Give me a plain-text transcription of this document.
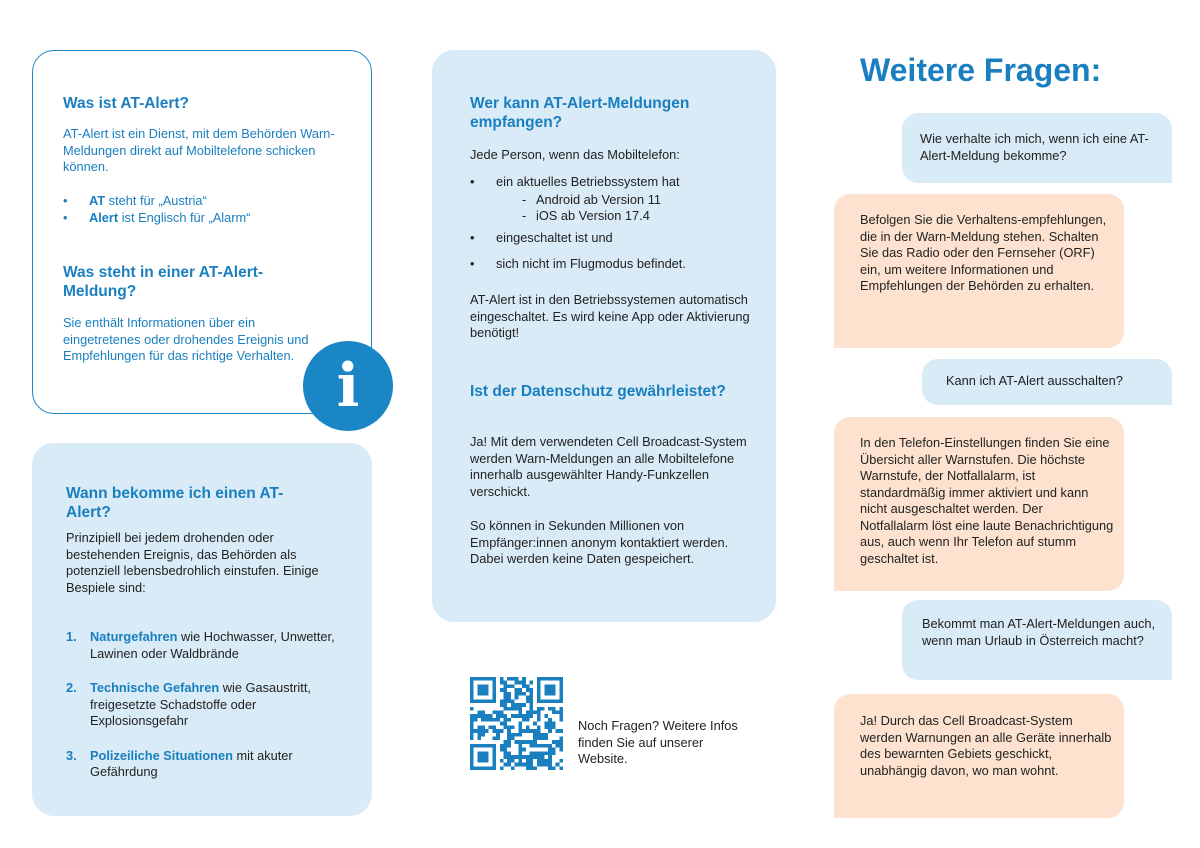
Was ist AT-Alert?

AT-Alert ist ein Dienst, mit dem Behörden Warn-Meldungen direkt auf Mobiltelefone schicken können.

• AT steht für „Austria“
• Alert ist Englisch für „Alarm“
Was steht in einer AT-Alert-Meldung?

Sie enthält Informationen über ein eingetretenes oder drohendes Ereignis und Empfehlungen für das richtige Verhalten. i
Wann bekomme ich einen AT-Alert?

Prinzipiell bei jedem drohenden oder bestehenden Ereignis, das Behörden als potenziell lebensbedrohlich einstufen. Einige Bespiele sind:

1. Naturgefahren wie Hochwasser, Unwetter, Lawinen oder Waldbrände
2. Technische Gefahren wie Gasaustritt, freigesetzte Schadstoffe oder Explosionsgefahr
3. Polizeiliche Situationen mit akuter Gefährdung
Wer kann AT-Alert-Meldungen empfangen?

Jede Person, wenn das Mobiltelefon:

• ein aktuelles Betriebssystem hat
- Android ab Version 11
- iOS ab Version 17.4
• eingeschaltet ist und
• sich nicht im Flugmodus befindet.

AT-Alert ist in den Betriebssystemen automatisch eingeschaltet. Es wird keine App oder Aktivierung benötigt!

Ist der Datenschutz gewährleistet?

Ja! Mit dem verwendeten Cell Broadcast-System werden Warn-Meldungen an alle Mobiltelefone innerhalb ausgewählter Handy-Funkzellen verschickt.

So können in Sekunden Millionen von Empfänger:innen anonym kontaktiert werden. Dabei werden keine Daten gespeichert.

Noch Fragen? Weitere Infos finden Sie auf unserer Website.

Weitere Fragen:
Wie verhalte ich mich, wenn ich eine AT-Alert-Meldung bekomme?
Befolgen Sie die Verhaltens-empfehlungen, die in der Warn-Meldung stehen. Schalten Sie das Radio oder den Fernseher (ORF) ein, um weitere Informationen und Empfehlungen der Behörden zu erhalten.
Kann ich AT-Alert ausschalten?
In den Telefon-Einstellungen finden Sie eine Übersicht aller Warnstufen. Die höchste Warnstufe, der Notfallalarm, ist standardmäßig immer aktiviert und kann nicht ausgeschaltet werden. Der Notfallalarm löst eine laute Benachrichtigung aus, auch wenn Ihr Telefon auf stumm geschaltet ist.
Bekommt man AT-Alert-Meldungen auch, wenn man Urlaub in Österreich macht?
Ja! Durch das Cell Broadcast-System werden Warnungen an alle Geräte innerhalb des bewarnten Gebiets geschickt, unabhängig davon, wo man wohnt.
